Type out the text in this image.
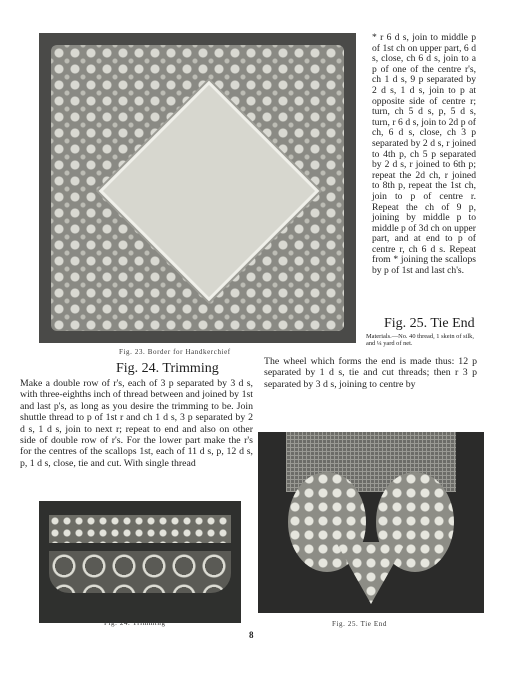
* r 6 d s, join to middle p of 1st ch on upper part, 6 d s, close, ch 6 d s, join to a p of one of the centre r's, ch 1 d s, 9 p separated by 2 d s, 1 d s, join to p at opposite side of centre r; turn, ch 5 d s, p, 5 d s, turn, r 6 d s, join to 2d p of ch, 6 d s, close, ch 3 p separated by 2 d s, r joined to 4th p, ch 5 p separated by 2 d s, r joined to 6th p; repeat the 2d ch, r joined to 8th p, repeat the 1st ch, join to p of centre r. Repeat the ch of 9 p, joining by middle p to middle p of 3d ch on upper part, and at end to p of centre r, ch 6 d s. Repeat from * joining the scallops by p of 1st and last ch's.
Fig. 23. Border for Handkerchief
Fig. 25. Tie End
Materials.—No. 40 thread, 1 skein of silk, and ¼ yard of net.
The wheel which forms the end is made thus: 12 p separated by 1 d s, tie and cut threads; then r 3 p separated by 3 d s, joining to centre by
Fig. 24. Trimming
Make a double row of r's, each of 3 p separated by 3 d s, with three-eighths inch of thread between and joined by 1st and last p's, as long as you desire the trimming to be. Join shuttle thread to p of 1st r and ch 1 d s, 3 p separated by 2 d s, 1 d s, join to next r; repeat to end and also on other side of double row of r's. For the lower part make the r's for the centres of the scallops 1st, each of 11 d s, p, 12 d s, p, 1 d s, close, tie and cut. With single thread
Fig. 24. Trimming	Fig. 25. Tie End
8
